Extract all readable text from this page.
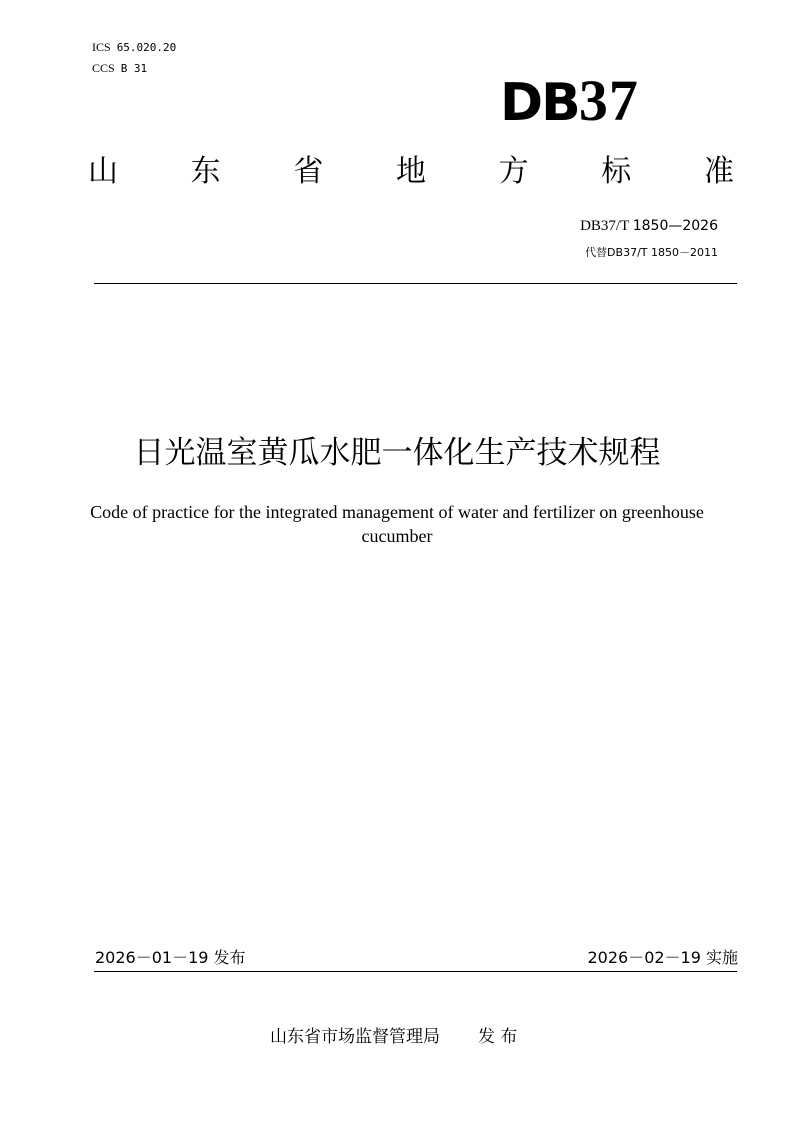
ICS 65.020.20
CCS B 31
DB37
山 东 省 地 方 标 准
DB37/T 1850—2026
代替DB37/T 1850－2011
日光温室黄瓜水肥一体化生产技术规程
Code of practice for the integrated management of water and fertilizer on greenhouse
cucumber
2026－01－19 发布	2026－02－19 实施
山东省市场监督管理局 发 布
